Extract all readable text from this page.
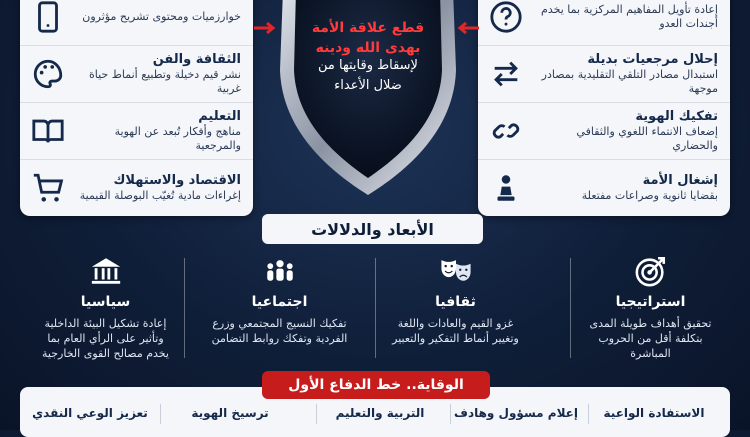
خوارزميات ومحتوى تشريح مؤثرون
الثقافة والفن
نشر قيم دخيلة وتطبيع أنماط حياة غربية
التعليم
مناهج وأفكار تُبعد عن الهوية والمرجعية
الاقتصاد والاستهلاك
إغراءات مادية تُغيّب البوصلة القيمية
إعادة تأويل المفاهيم المركزية بما يخدم أجندات العدو
إحلال مرجعيات بديلة
استبدال مصادر التلقي التقليدية بمصادر موجهة
تفكيك الهوية
إضعاف الانتماء اللغوي والثقافي والحضاري
إشغال الأمة
بقضايا ثانوية وصراعات مفتعلة
قطع علاقة الأمة
بهدى الله ودينه
لإسقاط وقايتها من
ضلال الأعداء
الأبعاد والدلالات
استراتيجيا
تحقيق أهداف طويلة المدى بتكلفة أقل من الحروب المباشرة
ثقافيا
غزو القيم والعادات واللغة وتغيير أنماط التفكير والتعبير
اجتماعيا
تفكيك النسيج المجتمعي وزرع الفردية وتفكك روابط التضامن
سياسيا
إعادة تشكيل البيئة الداخلية وتأثير على الرأي العام بما يخدم مصالح القوى الخارجية
الوقاية.. خط الدفاع الأول
الاستفادة الواعية
إعلام مسؤول وهادف
التربية والتعليم
ترسيخ الهوية
تعزيز الوعي النقدي
